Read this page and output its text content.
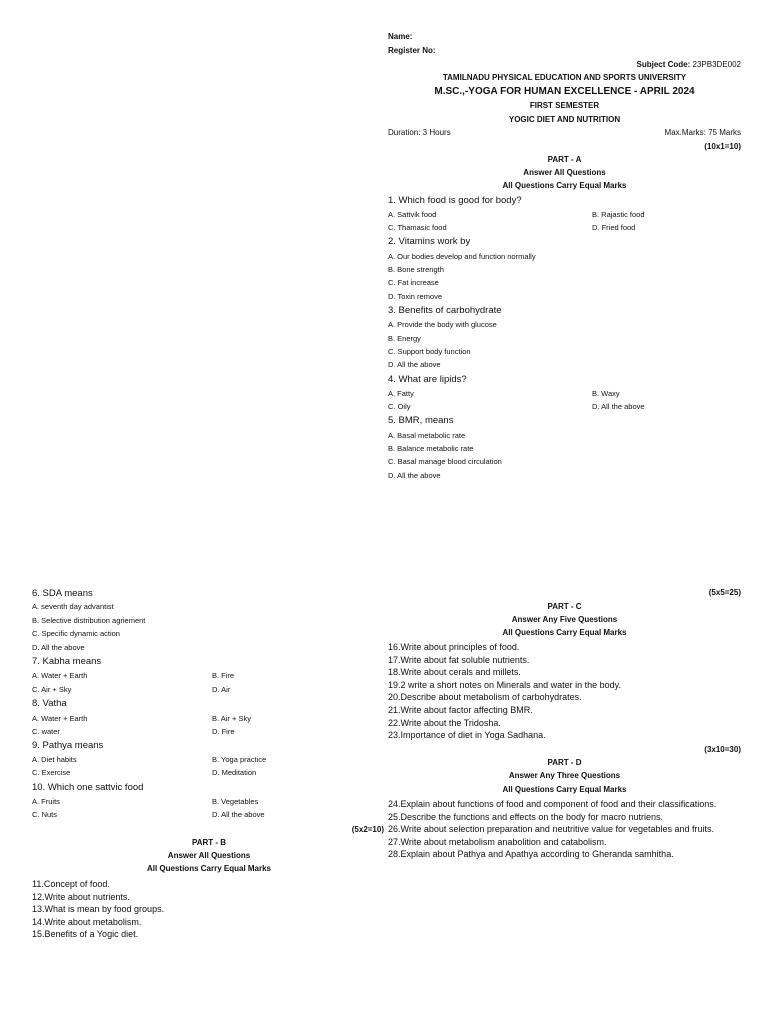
Name:
Register No:
Subject Code: 23PB3DE002
TAMILNADU PHYSICAL EDUCATION AND SPORTS UNIVERSITY
M.SC.,-YOGA FOR HUMAN EXCELLENCE - APRIL 2024
FIRST SEMESTER
YOGIC DIET AND NUTRITION
Duration: 3 Hours	Max.Marks: 75 Marks
(10x1=10)
PART - A
Answer All Questions
All Questions Carry Equal Marks
1. Which food is good for body?
A. Sattvik food	B. Rajastic food
C. Thamasic food	D. Fried food
2. Vitamins work by
A. Our bodies develop and function normally
B. Bone strength
C. Fat increase
D. Toxin remove
3. Benefits of carbohydrate
A. Provide the body with glucose
B. Energy
C. Support body function
D. All the above
4. What are lipids?
A. Fatty	B. Waxy
C. Oily	D. All the above
5. BMR, means
A. Basal metabolic rate
B. Balance metabolic rate
C. Basal manage blood circulation
D. All the above
6. SDA means
A. seventh day advantist
B. Selective distribution agriement
C. Specific dynamic action
D. All the above
7. Kabha means
A. Water + Earth	B. Fire
C. Air + Sky	D. Air
8. Vatha
A. Water + Earth	B. Air + Sky
C. water	D. Fire
9. Pathya means
A. Diet habits	B. Yoga practice
C. Exercise	D. Meditation
10. Which one sattvic food
A. Fruits	B. Vegetables
C. Nuts	D. All the above
(5x2=10)
PART - B
Answer All Questions
All Questions Carry Equal Marks
11.Concept of food.
12.Write about nutrients.
13.What is mean by food groups.
14.Write about metabolism.
15.Benefits of a Yogic diet.
(5x5=25)
PART - C
Answer Any Five Questions
All Questions Carry Equal Marks
16.Write about principles of food.
17.Write about fat soluble nutrients.
18.Write about cerals and millets.
19.2 write a short notes on Minerals and water in the body.
20.Describe about metabolism of carbohydrates.
21.Write about factor affecting BMR.
22.Write about the Tridosha.
23.Importance of diet in Yoga Sadhana.
(3x10=30)
PART - D
Answer Any Three Questions
All Questions Carry Equal Marks
24.Explain about functions of food and component of food and their classifications.
25.Describe the functions and effects on the body for macro nutriens.
26.Write about selection preparation and neutritive value for vegetables and fruits.
27.Write about metabolism anabolition and catabolism.
28.Explain about Pathya and Apathya according to Gheranda samhitha.
